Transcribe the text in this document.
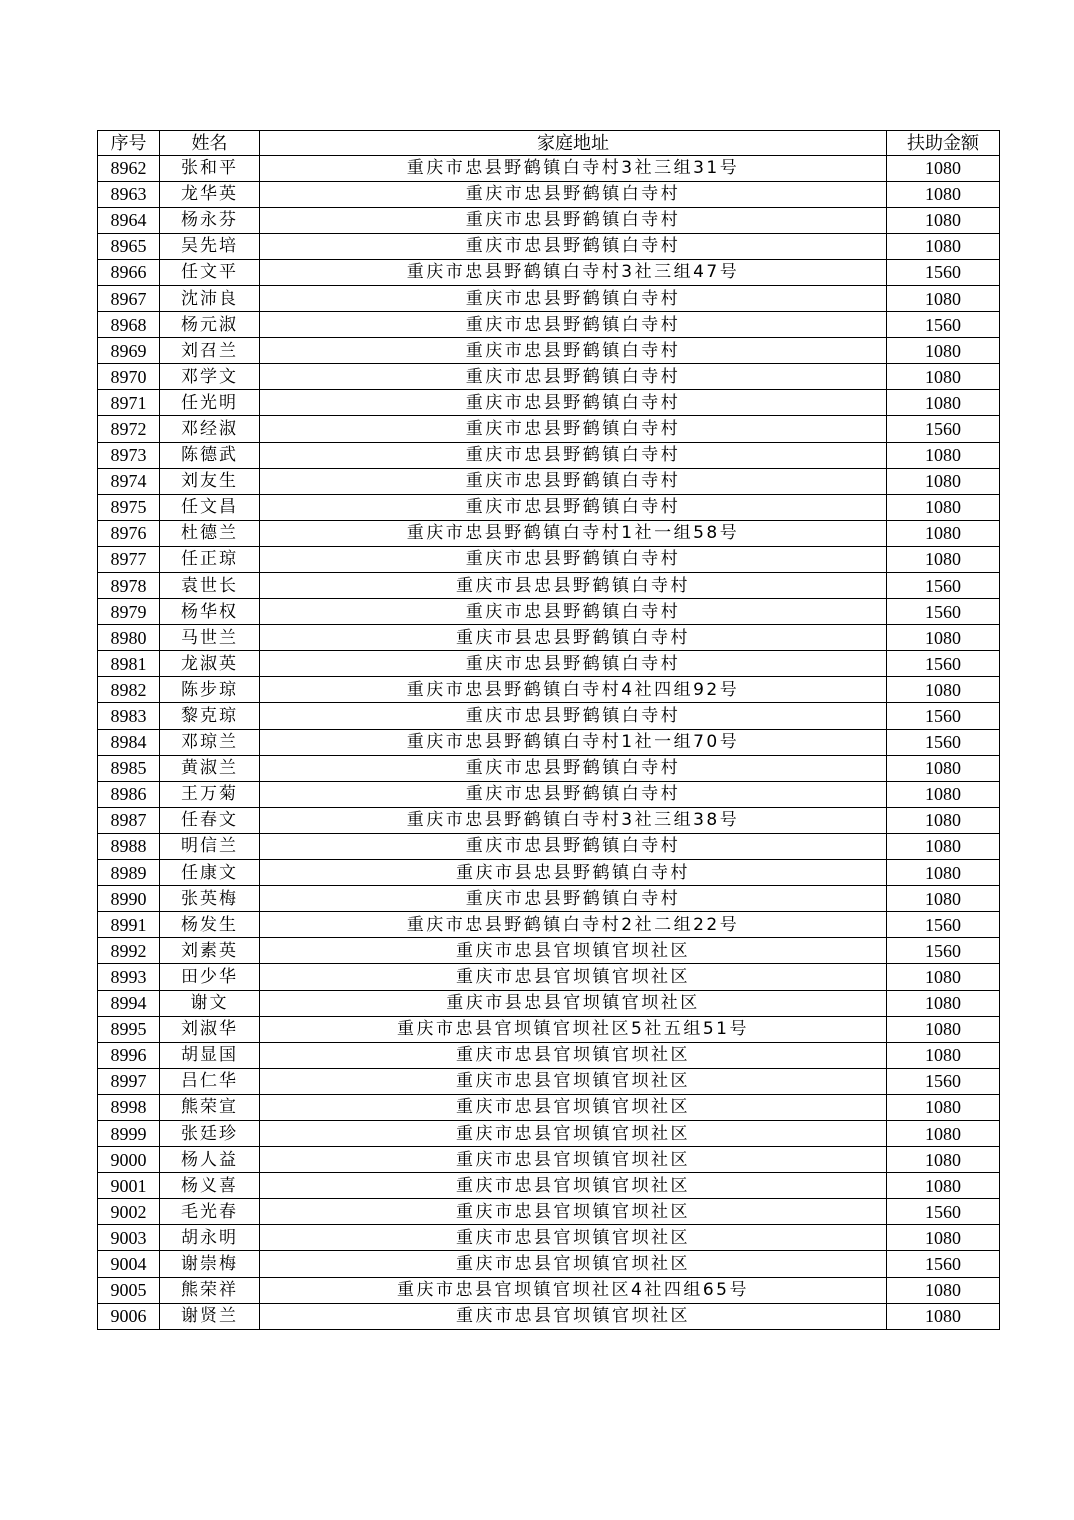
序号	姓名	家庭地址	扶助金额
8962	张和平	重庆市忠县野鹤镇白寺村3社三组31号	1080
8963	龙华英	重庆市忠县野鹤镇白寺村	1080
8964	杨永芬	重庆市忠县野鹤镇白寺村	1080
8965	吴先培	重庆市忠县野鹤镇白寺村	1080
8966	任文平	重庆市忠县野鹤镇白寺村3社三组47号	1560
8967	沈沛良	重庆市忠县野鹤镇白寺村	1080
8968	杨元淑	重庆市忠县野鹤镇白寺村	1560
8969	刘召兰	重庆市忠县野鹤镇白寺村	1080
8970	邓学文	重庆市忠县野鹤镇白寺村	1080
8971	任光明	重庆市忠县野鹤镇白寺村	1080
8972	邓经淑	重庆市忠县野鹤镇白寺村	1560
8973	陈德武	重庆市忠县野鹤镇白寺村	1080
8974	刘友生	重庆市忠县野鹤镇白寺村	1080
8975	任文昌	重庆市忠县野鹤镇白寺村	1080
8976	杜德兰	重庆市忠县野鹤镇白寺村1社一组58号	1080
8977	任正琼	重庆市忠县野鹤镇白寺村	1080
8978	袁世长	重庆市县忠县野鹤镇白寺村	1560
8979	杨华权	重庆市忠县野鹤镇白寺村	1560
8980	马世兰	重庆市县忠县野鹤镇白寺村	1080
8981	龙淑英	重庆市忠县野鹤镇白寺村	1560
8982	陈步琼	重庆市忠县野鹤镇白寺村4社四组92号	1080
8983	黎克琼	重庆市忠县野鹤镇白寺村	1560
8984	邓琼兰	重庆市忠县野鹤镇白寺村1社一组70号	1560
8985	黄淑兰	重庆市忠县野鹤镇白寺村	1080
8986	王万菊	重庆市忠县野鹤镇白寺村	1080
8987	任春文	重庆市忠县野鹤镇白寺村3社三组38号	1080
8988	明信兰	重庆市忠县野鹤镇白寺村	1080
8989	任康文	重庆市县忠县野鹤镇白寺村	1080
8990	张英梅	重庆市忠县野鹤镇白寺村	1080
8991	杨发生	重庆市忠县野鹤镇白寺村2社二组22号	1560
8992	刘素英	重庆市忠县官坝镇官坝社区	1560
8993	田少华	重庆市忠县官坝镇官坝社区	1080
8994	谢文	重庆市县忠县官坝镇官坝社区	1080
8995	刘淑华	重庆市忠县官坝镇官坝社区5社五组51号	1080
8996	胡显国	重庆市忠县官坝镇官坝社区	1080
8997	吕仁华	重庆市忠县官坝镇官坝社区	1560
8998	熊荣宣	重庆市忠县官坝镇官坝社区	1080
8999	张廷珍	重庆市忠县官坝镇官坝社区	1080
9000	杨人益	重庆市忠县官坝镇官坝社区	1080
9001	杨义喜	重庆市忠县官坝镇官坝社区	1080
9002	毛光春	重庆市忠县官坝镇官坝社区	1560
9003	胡永明	重庆市忠县官坝镇官坝社区	1080
9004	谢崇梅	重庆市忠县官坝镇官坝社区	1560
9005	熊荣祥	重庆市忠县官坝镇官坝社区4社四组65号	1080
9006	谢贤兰	重庆市忠县官坝镇官坝社区	1080
